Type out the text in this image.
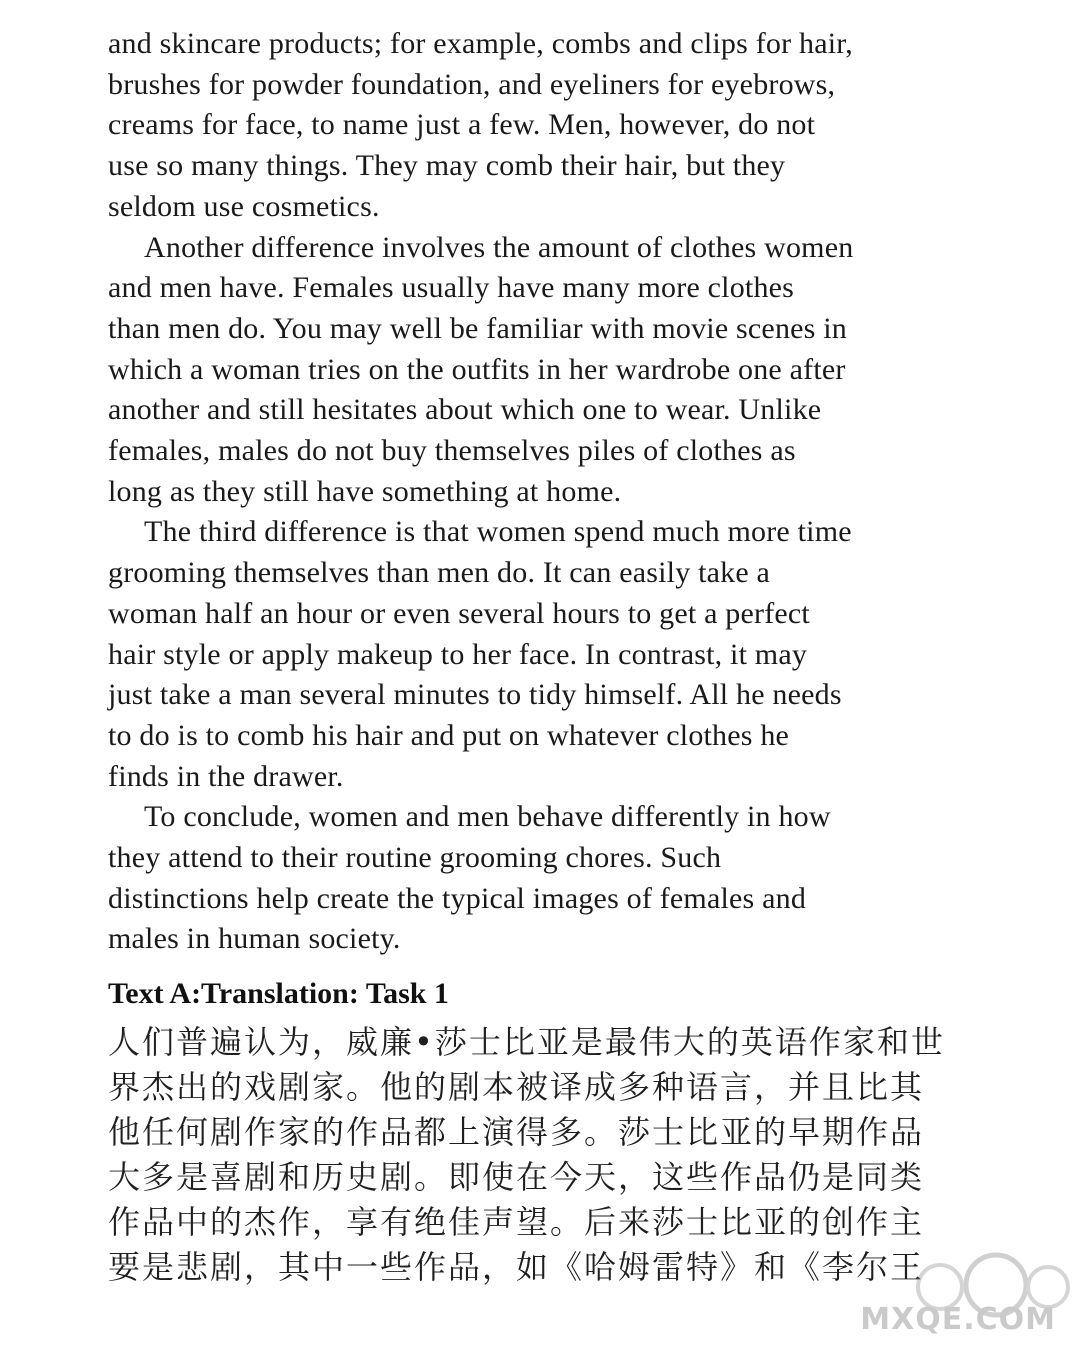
and skincare products; for example, combs and clips for hair,
brushes for powder foundation, and eyeliners for eyebrows,
creams for face, to name just a few. Men, however, do not
use so many things. They may comb their hair, but they
seldom use cosmetics.
Another difference involves the amount of clothes women
and men have. Females usually have many more clothes
than men do. You may well be familiar with movie scenes in
which a woman tries on the outfits in her wardrobe one after
another and still hesitates about which one to wear. Unlike
females, males do not buy themselves piles of clothes as
long as they still have something at home.
The third difference is that women spend much more time
grooming themselves than men do. It can easily take a
woman half an hour or even several hours to get a perfect
hair style or apply makeup to her face. In contrast, it may
just take a man several minutes to tidy himself. All he needs
to do is to comb his hair and put on whatever clothes he
finds in the drawer.
To conclude, women and men behave differently in how
they attend to their routine grooming chores. Such
distinctions help create the typical images of females and
males in human society.
Text A:Translation: Task 1
人们普遍认为，威廉•莎士比亚是最伟大的英语作家和世
界杰出的戏剧家。他的剧本被译成多种语言，并且比其
他任何剧作家的作品都上演得多。莎士比亚的早期作品
大多是喜剧和历史剧。即使在今天，这些作品仍是同类
作品中的杰作，享有绝佳声望。后来莎士比亚的创作主
要是悲剧，其中一些作品，如《哈姆雷特》和《李尔王
MXQE.COM
